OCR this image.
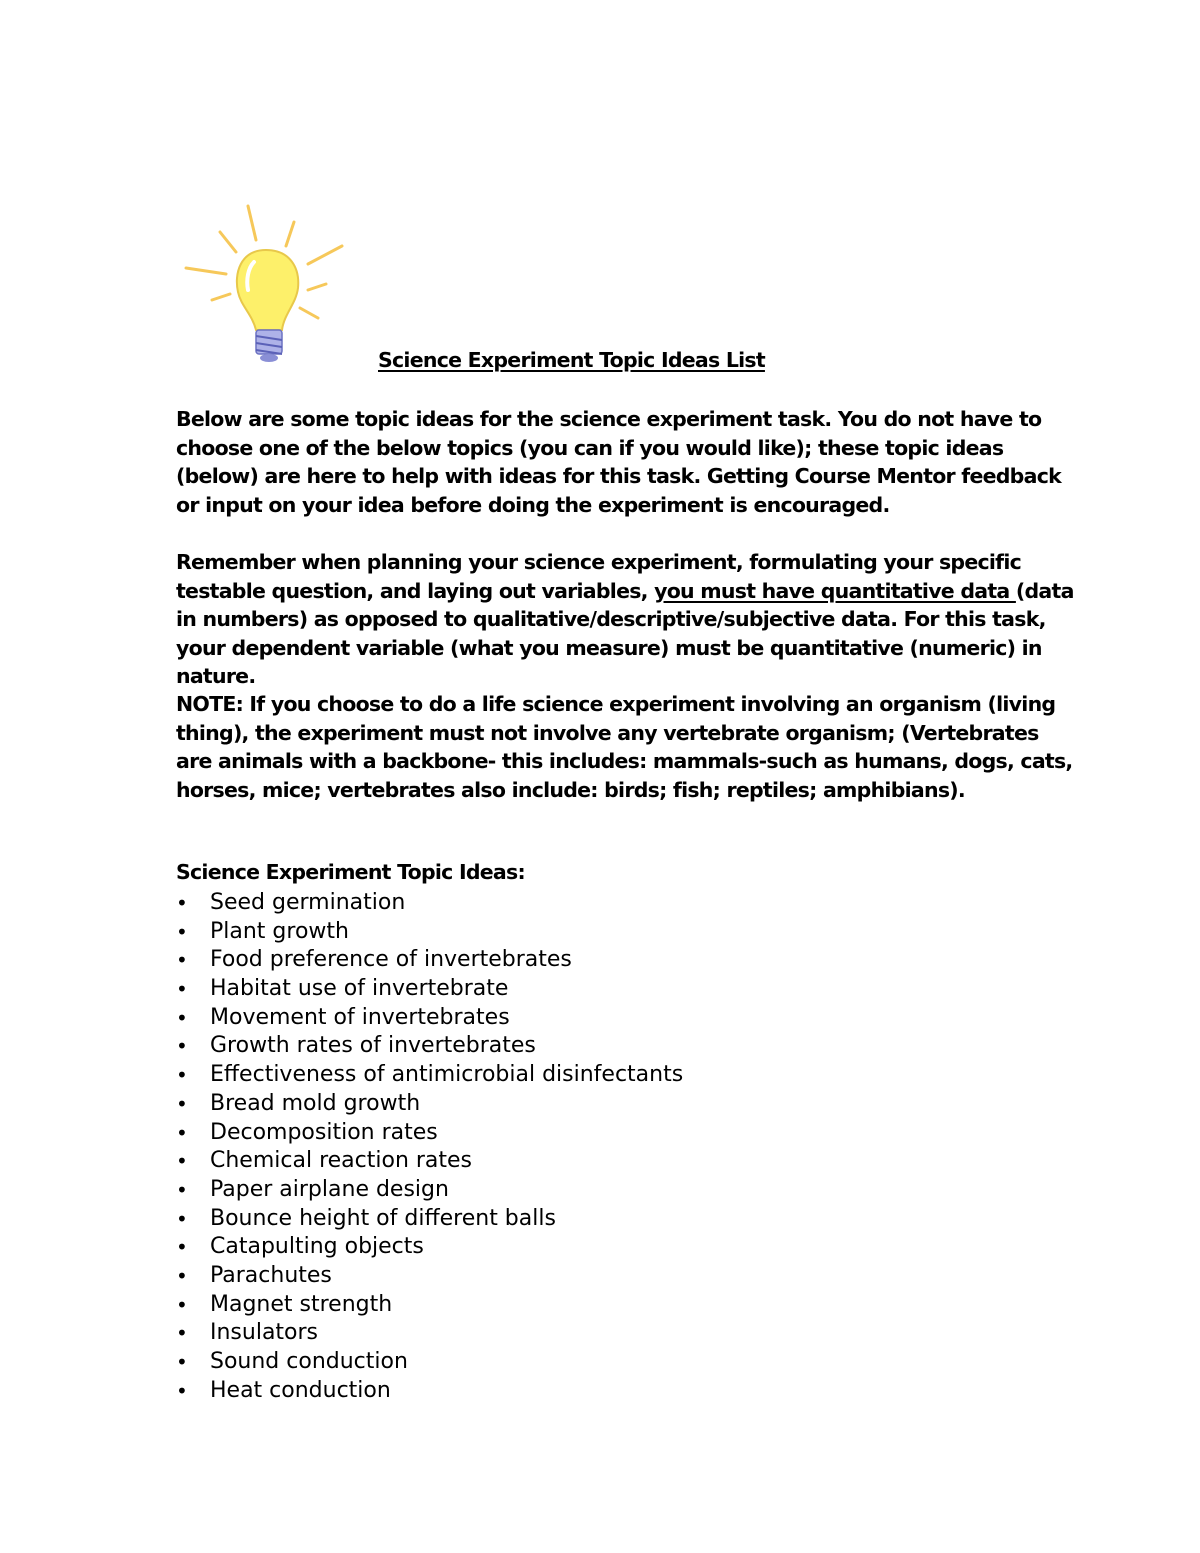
Science Experiment Topic Ideas List

Below are some topic ideas for the science experiment task. You do not have to choose one of the below topics (you can if you would like); these topic ideas (below) are here to help with ideas for this task. Getting Course Mentor feedback or input on your idea before doing the experiment is encouraged.

Remember when planning your science experiment, formulating your specific testable question, and laying out variables, you must have quantitative data (data in numbers) as opposed to qualitative/descriptive/subjective data. For this task, your dependent variable (what you measure) must be quantitative (numeric) in nature.

NOTE: If you choose to do a life science experiment involving an organism (living thing), the experiment must not involve any vertebrate organism; (Vertebrates are animals with a backbone- this includes: mammals-such as humans, dogs, cats, horses, mice; vertebrates also include: birds; fish; reptiles; amphibians).

Science Experiment Topic Ideas:
• Seed germination
• Plant growth
• Food preference of invertebrates
• Habitat use of invertebrate
• Movement of invertebrates
• Growth rates of invertebrates
• Effectiveness of antimicrobial disinfectants
• Bread mold growth
• Decomposition rates
• Chemical reaction rates
• Paper airplane design
• Bounce height of different balls
• Catapulting objects
• Parachutes
• Magnet strength
• Insulators
• Sound conduction
• Heat conduction
